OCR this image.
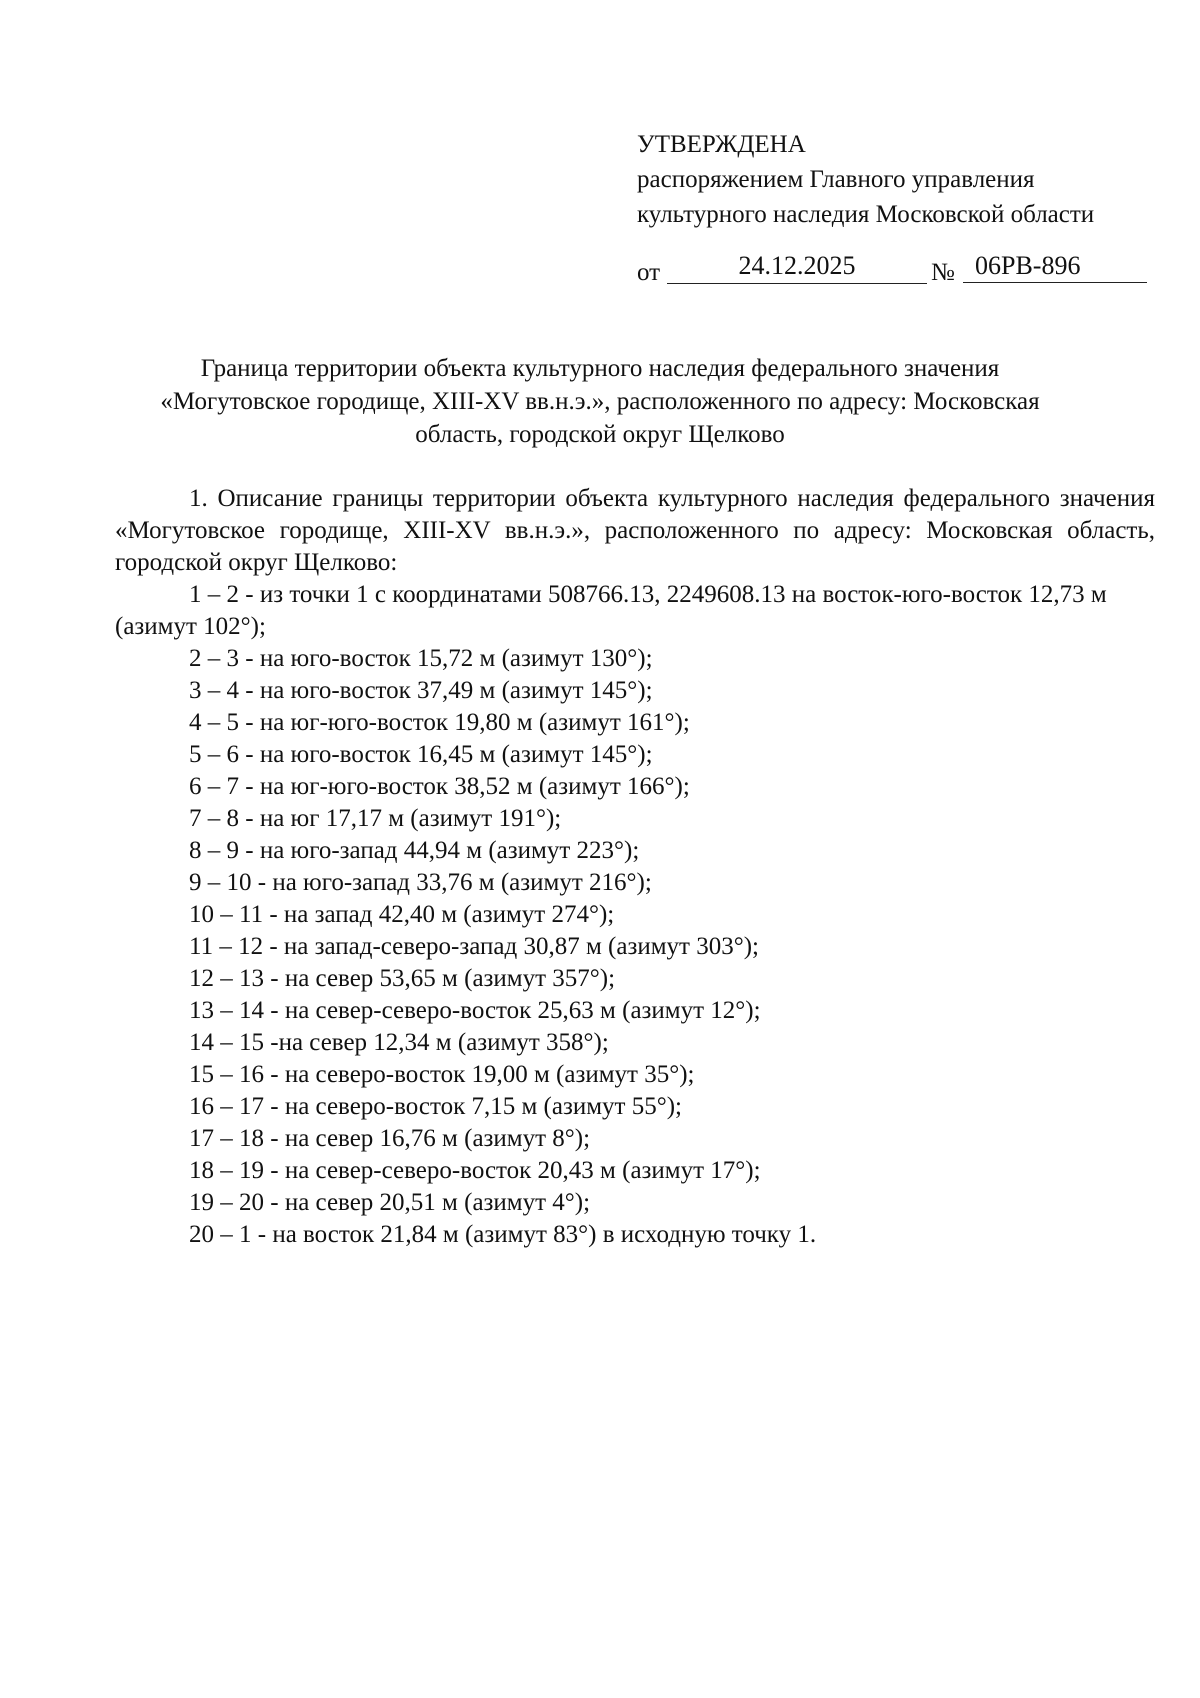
УТВЕРЖДЕНА
распоряжением Главного управления
культурного наследия Московской области
от	24.12.2025	№ 06РВ-896
Граница территории объекта культурного наследия федерального значения
«Могутовское городище, XIII-XV вв.н.э.», расположенного по адресу: Московская
область, городской округ Щелково

1. Описание границы территории объекта культурного наследия федерального значения «Могутовское городище, XIII-XV вв.н.э.», расположенного по адресу: Московская область, городской округ Щелково:

1 – 2 - из точки 1 с координатами 508766.13, 2249608.13 на восток-юго-восток 12,73 м (азимут 102°);

2 – 3 - на юго-восток 15,72 м (азимут 130°);

3 – 4 - на юго-восток 37,49 м (азимут 145°);

4 – 5 - на юг-юго-восток 19,80 м (азимут 161°);

5 – 6 - на юго-восток 16,45 м (азимут 145°);

6 – 7 - на юг-юго-восток 38,52 м (азимут 166°);

7 – 8 - на юг 17,17 м (азимут 191°);

8 – 9 - на юго-запад 44,94 м (азимут 223°);

9 – 10 - на юго-запад 33,76 м (азимут 216°);

10 – 11 - на запад 42,40 м (азимут 274°);

11 – 12 - на запад-северо-запад 30,87 м (азимут 303°);

12 – 13 - на север 53,65 м (азимут 357°);

13 – 14 - на север-северо-восток 25,63 м (азимут 12°);

14 – 15 -на север 12,34 м (азимут 358°);

15 – 16 - на северо-восток 19,00 м (азимут 35°);

16 – 17 - на северо-восток 7,15 м (азимут 55°);

17 – 18 - на север 16,76 м (азимут 8°);

18 – 19 - на север-северо-восток 20,43 м (азимут 17°);

19 – 20 - на север 20,51 м (азимут 4°);

20 – 1 - на восток 21,84 м (азимут 83°) в исходную точку 1.
